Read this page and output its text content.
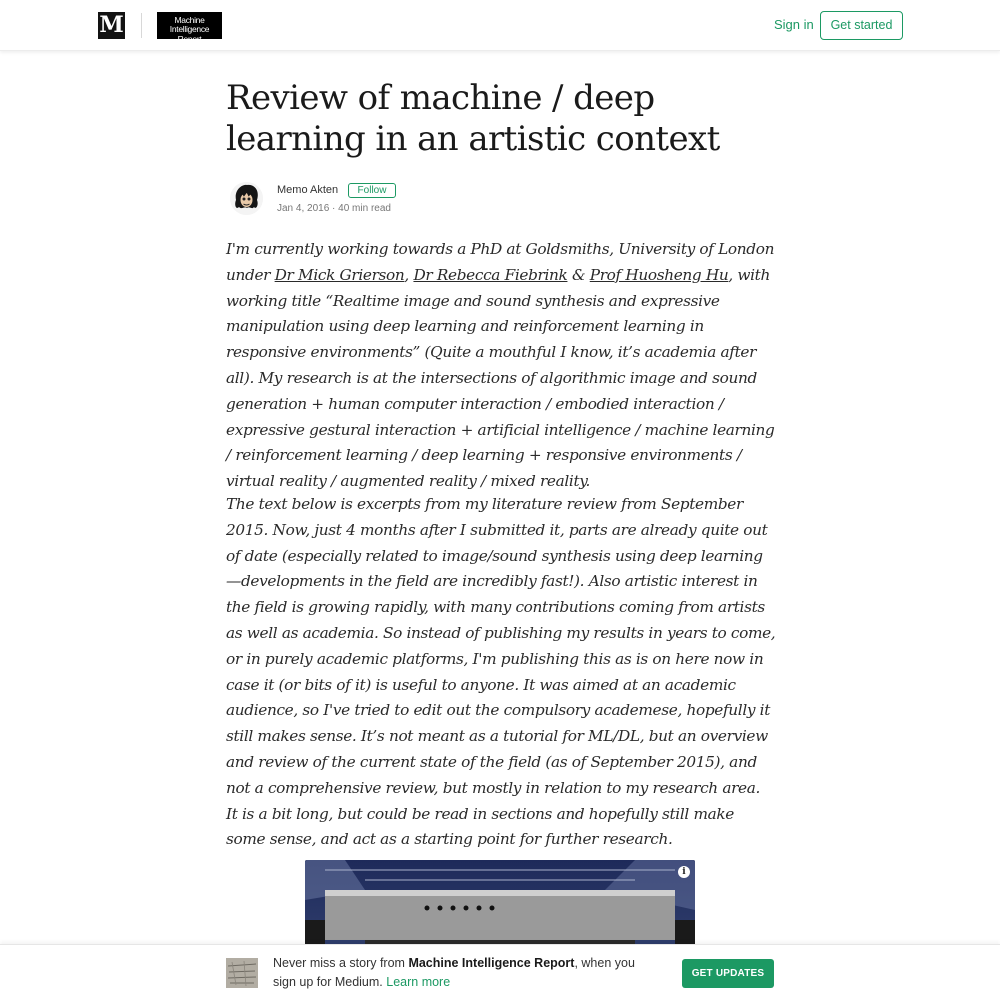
M	Machine Intelligence
Report
Sign in	Get started
Review of machine / deep learning in an artistic context
Memo Akten	Follow
Jan 4, 2016 · 40 min read

I'm currently working towards a PhD at Goldsmiths, University of London under Dr Mick Grierson, Dr Rebecca Fiebrink & Prof Huosheng Hu, with working title “Realtime image and sound synthesis and expressive manipulation using deep learning and reinforcement learning in responsive environments” (Quite a mouthful I know, it’s academia after all). My research is at the intersections of algorithmic image and sound generation + human computer interaction / embodied interaction / expressive gestural interaction + artificial intelligence / machine learning / reinforcement learning / deep learning + responsive environments / virtual reality / augmented reality / mixed reality.

The text below is excerpts from my literature review from September 2015. Now, just 4 months after I submitted it, parts are already quite out of date (especially related to image/sound synthesis using deep learning—developments in the field are incredibly fast!). Also artistic interest in the field is growing rapidly, with many contributions coming from artists as well as academia. So instead of publishing my results in years to come, or in purely academic platforms, I'm publishing this as is on here now in case it (or bits of it) is useful to anyone. It was aimed at an academic audience, so I've tried to edit out the compulsory academese, hopefully it still makes sense. It’s not meant as a tutorial for ML/DL, but an overview and review of the current state of the field (as of September 2015), and not a comprehensive review, but mostly in relation to my research area. It is a bit long, but could be read in sections and hopefully still make some sense, and act as a starting point for further research.

i
Never miss a story from Machine Intelligence Report, when you sign up for Medium. Learn more
GET UPDATES
